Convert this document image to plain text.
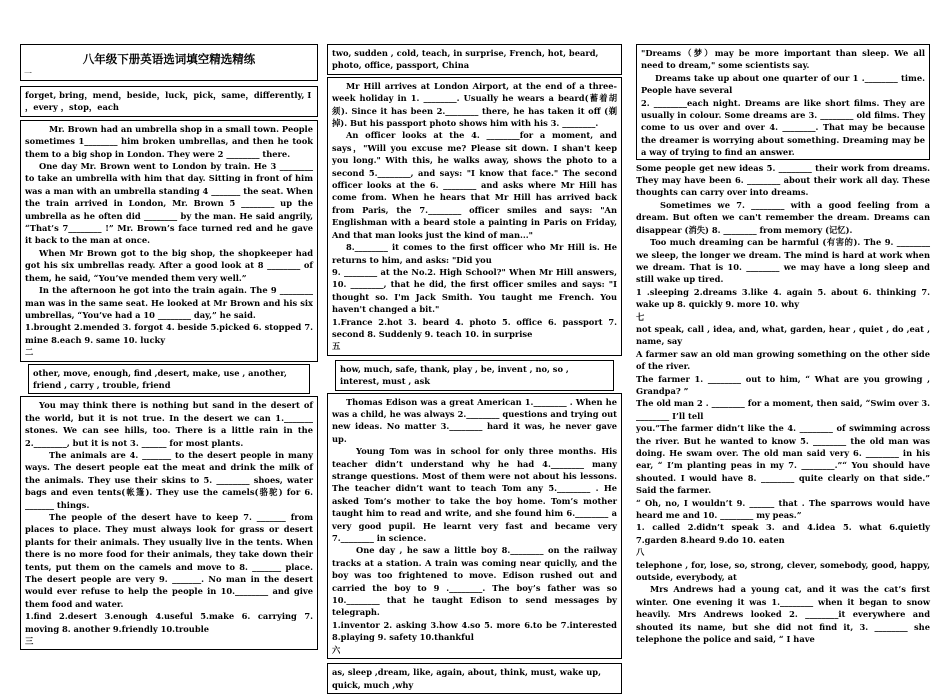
八年级下册英语选词填空精选精练
一
forget, bring，mend，beside，luck，pick，same，differently, I ，every ，stop，each

Mr. Brown had an umbrella shop in a small town. People sometimes 1________ him broken umbrellas, and then he took them to a big shop in London. They were 2 ________ there.

One day Mr. Brown went to London by train. He 3 ________ to take an umbrella with him that day. Sitting in front of him was a man with an umbrella standing 4 _______ the seat. When the train arrived in London, Mr. Brown 5 ________ up the umbrella as he often did ________ by the man. He said angrily, “That’s 7________ !” Mr. Brown’s face turned red and he gave it back to the man at once.

When Mr Brown got to the big shop, the shopkeeper had got his six umbrellas ready. After a good look at 8 ________ of them, he said, “You’ve mended them very well.”

In the afternoon he got into the train again. The 9 ________ man was in the same seat. He looked at Mr Brown and his six umbrellas, “You’ve had a 10 ________ day,” he said.

1.brought 2.mended 3. forgot 4. beside 5.picked 6. stopped 7. mine 8.each 9. same 10. lucky

二

other, move, enough, find ,desert, make, use , another, friend , carry , trouble, friend

You may think there is nothing but sand in the desert of the world, but it is not true. In the desert we can 1._______ stones. We can see hills, too. There is a little rain in the 2.________, but it is not 3. ______ for most plants.

The animals are 4. _______ to the desert people in many ways. The desert people eat the meat and drink the milk of the animals. They use their skins to 5. ________ shoes, water bags and even tents(帐篷). They use the camels(骆驼) for 6. _______ things.

The people of the desert have to keep 7. _______ from places to place. They must always look for grass or desert plants for their animals. They usually live in the tents. When there is no more food for their animals, they take down their tents, put them on the camels and move to 8. _______ place. The desert people are very 9. _______. No man in the desert would ever refuse to help the people in 10.________ and give them food and water.

1.find 2.desert 3.enough 4.useful 5.make 6. carrying 7. moving 8. another 9.friendly 10.trouble

三

two, sudden , cold, teach, in surprise, French, hot, beard, photo, office, passport, China

Mr Hill arrives at London Airport, at the end of a three-week holiday in 1. ________. Usually he wears a beard(蓄着胡须). Since it has been 2.________ there, he has taken it off (剃掉). But his passport photo shows him with his 3. ________.

An officer looks at the 4. ________for a moment, and says，"Will you excuse me? Please sit down. I shan't keep you long." With this, he walks away, shows the photo to a second 5.________, and says: "I know that face." The second officer looks at the 6. ________ and asks where Mr Hill has come from. When he hears that Mr Hill has arrived back from Paris, the 7.________ officer smiles and says: "An Englishman with a beard stole a painting in Paris on Friday, And that man looks just the kind of man..."

8.________ it comes to the first officer who Mr Hill is. He returns to him, and asks: "Did you

9. ________ at the No.2. High School?" When Mr Hill answers, 10. ________, that he did, the first officer smiles and says: "I thought so. I'm Jack Smith. You taught me French. You haven't changed a bit."

1.France 2.hot 3. beard 4. photo 5. office 6. passport 7. second 8. Suddenly 9. teach 10. in surprise

五

how, much, safe, thank, play , be, invent , no, so , interest, must , ask

Thomas Edison was a great American 1.________ . When he was a child, he was always 2.________ questions and trying out new ideas. No matter 3.________ hard it was, he never gave up.

Young Tom was in school for only three months. His teacher didn’t understand why he had 4.________ many strange questions. Most of them were not about his lessons. The teacher didn’t want to teach Tom any 5.________ . He asked Tom’s mother to take the boy home. Tom’s mother taught him to read and write, and she found him 6.________ a very good pupil. He learnt very fast and became very 7.________ in science.

One day , he saw a little boy 8.________ on the railway tracks at a station. A train was coming near quiclly, and the boy was too frightened to move. Edison rushed out and carried the boy to 9 .________. The boy’s father was so 10.________ that he taught Edison to send messages by telegraph.

1.inventor 2. asking 3.how 4.so 5. more 6.to be 7.interested 8.playing 9. safety 10.thankful

六

as, sleep ,dream, like, again, about, think, must, wake up, quick, much ,why

"Dreams（梦）may be more important than sleep. We all need to dream," some scientists say.

Dreams take up about one quarter of our 1 .________ time. People have several

2. ________each night. Dreams are like short films. They are usually in colour. Some dreams are 3. ________ old films. They come to us over and over 4. ________. That may be because the dreamer is worrying about something. Dreaming may be a way of trying to find an answer.

Some people get new ideas 5. ________ their work from dreams. They may have been 6. ________ about their work all day. These thoughts can carry over into dreams.

Sometimes we 7. ________ with a good feeling from a dream. But often we can't remember the dream. Dreams can disappear (消失) 8. ________ from memory (记忆).

Too much dreaming can be harmful (有害的). The 9. ________ we sleep, the longer we dream. The mind is hard at work when we dream. That is 10. ________ we may have a long sleep and still wake up tired.

1 .sleeping 2.dreams 3.like 4. again 5. about 6. thinking 7. wake up 8. quickly 9. more 10. why

七

not speak, call , idea, and, what, garden, hear , quiet , do ,eat , name, say

A farmer saw an old man growing something on the other side of the river.

The farmer 1. ________ out to him, “ What are you growing , Grandpa? ”

The old man 2 . ________ for a moment, then said, “Swim over 3. ________ I’ll tell

you.”The farmer didn’t like the 4. ________ of swimming across the river. But he wanted to know 5. ________ the old man was doing. He swam over. The old man said very 6. ________ in his ear, “ I’m planting peas in my 7. ________.”“ You should have shouted. I would have 8. ________ quite clearly on that side.” Said the farmer.

“ Oh, no, I wouldn’t 9. ______ that . The sparrows would have heard me and 10. ________ my peas.”

1. called 2.didn’t speak 3. and 4.idea 5. what 6.quietly 7.garden 8.heard 9.do 10. eaten

八

telephone , for, lose, so, strong, clever, somebody, good, happy, outside, everybody, at

Mrs Andrews had a young cat, and it was the cat’s first winter. One evening it was 1.________ when it began to snow heavily. Mrs Andrews looked 2. ________it everywhere and shouted its name, but she did not find it, 3. ________ she telephone the police and said, “ I have
